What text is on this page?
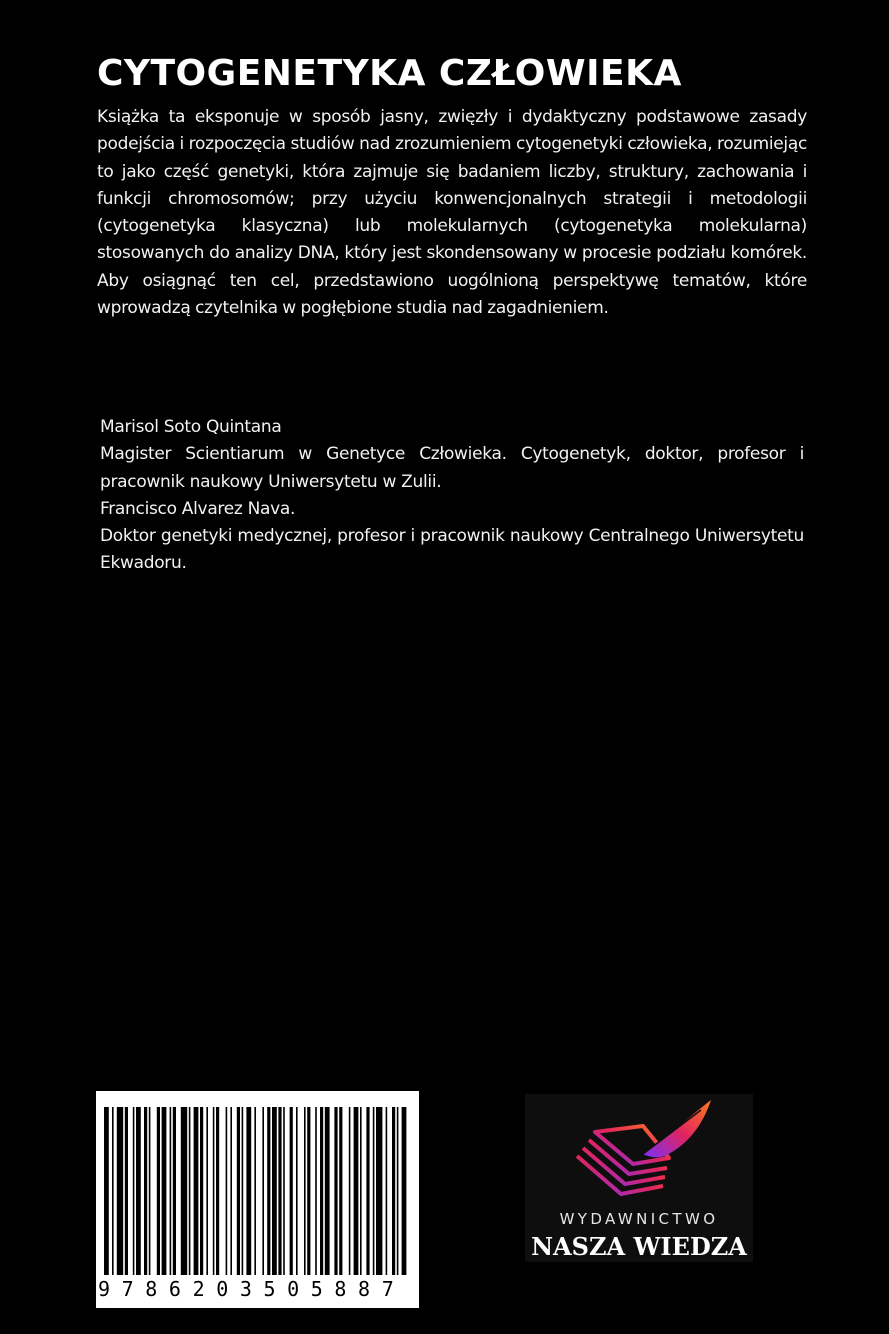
CYTOGENETYKA CZŁOWIEKA

Książka ta eksponuje w sposób jasny, zwięzły i dydaktyczny podstawowe zasady podejścia i rozpoczęcia studiów nad zrozumieniem cytogenetyki człowieka, rozumiejąc to jako część genetyki, która zajmuje się badaniem liczby, struktury, zachowania i funkcji chromosomów; przy użyciu konwencjonalnych strategii i metodologii (cytogenetyka klasyczna) lub molekularnych (cytogenetyka molekularna) stosowanych do analizy DNA, który jest skondensowany w procesie podziału komórek. Aby osiągnąć ten cel, przedstawiono uogólnioną perspektywę tematów, które wprowadzą czytelnika w pogłębione studia nad zagadnieniem.

Marisol Soto Quintana

Magister Scientiarum w Genetyce Człowieka. Cytogenetyk, doktor, profesor i pracownik naukowy Uniwersytetu w Zulii.

Francisco Alvarez Nava.

Doktor genetyki medycznej, profesor i pracownik naukowy Centralnego Uniwersytetu Ekwadoru.

9786203505887
WYDAWNICTWO
NASZA WIEDZA
